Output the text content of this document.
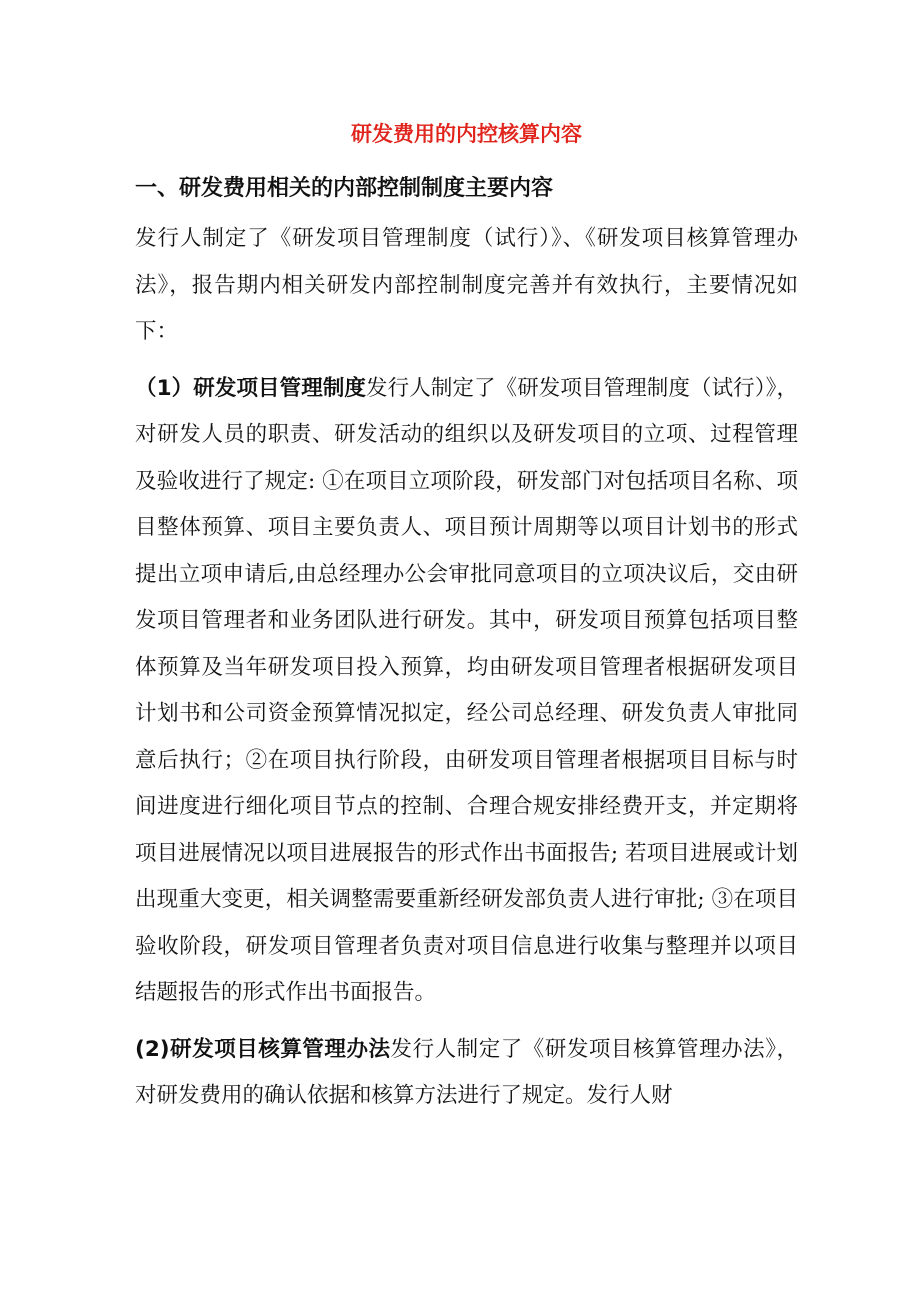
研发费用的内控核算内容
一、研发费用相关的内部控制制度主要内容

发行人制定了《研发项目管理制度（试行）》、《研发项目核算管理办法》，报告期内相关研发内部控制制度完善并有效执行，主要情况如下：

（1）研发项目管理制度发行人制定了《研发项目管理制度（试行）》，对研发人员的职责、研发活动的组织以及研发项目的立项、过程管理及验收进行了规定: ①在项目立项阶段，研发部门对包括项目名称、项目整体预算、项目主要负责人、项目预计周期等以项目计划书的形式提出立项申请后,由总经理办公会审批同意项目的立项决议后，交由研发项目管理者和业务团队进行研发。其中，研发项目预算包括项目整体预算及当年研发项目投入预算，均由研发项目管理者根据研发项目计划书和公司资金预算情况拟定，经公司总经理、研发负责人审批同意后执行；②在项目执行阶段，由研发项目管理者根据项目目标与时间进度进行细化项目节点的控制、合理合规安排经费开支，并定期将项目进展情况以项目进展报告的形式作出书面报告; 若项目进展或计划出现重大变更，相关调整需要重新经研发部负责人进行审批; ③在项目验收阶段，研发项目管理者负责对项目信息进行收集与整理并以项目结题报告的形式作出书面报告。

(2)研发项目核算管理办法发行人制定了《研发项目核算管理办法》，对研发费用的确认依据和核算方法进行了规定。发行人财
